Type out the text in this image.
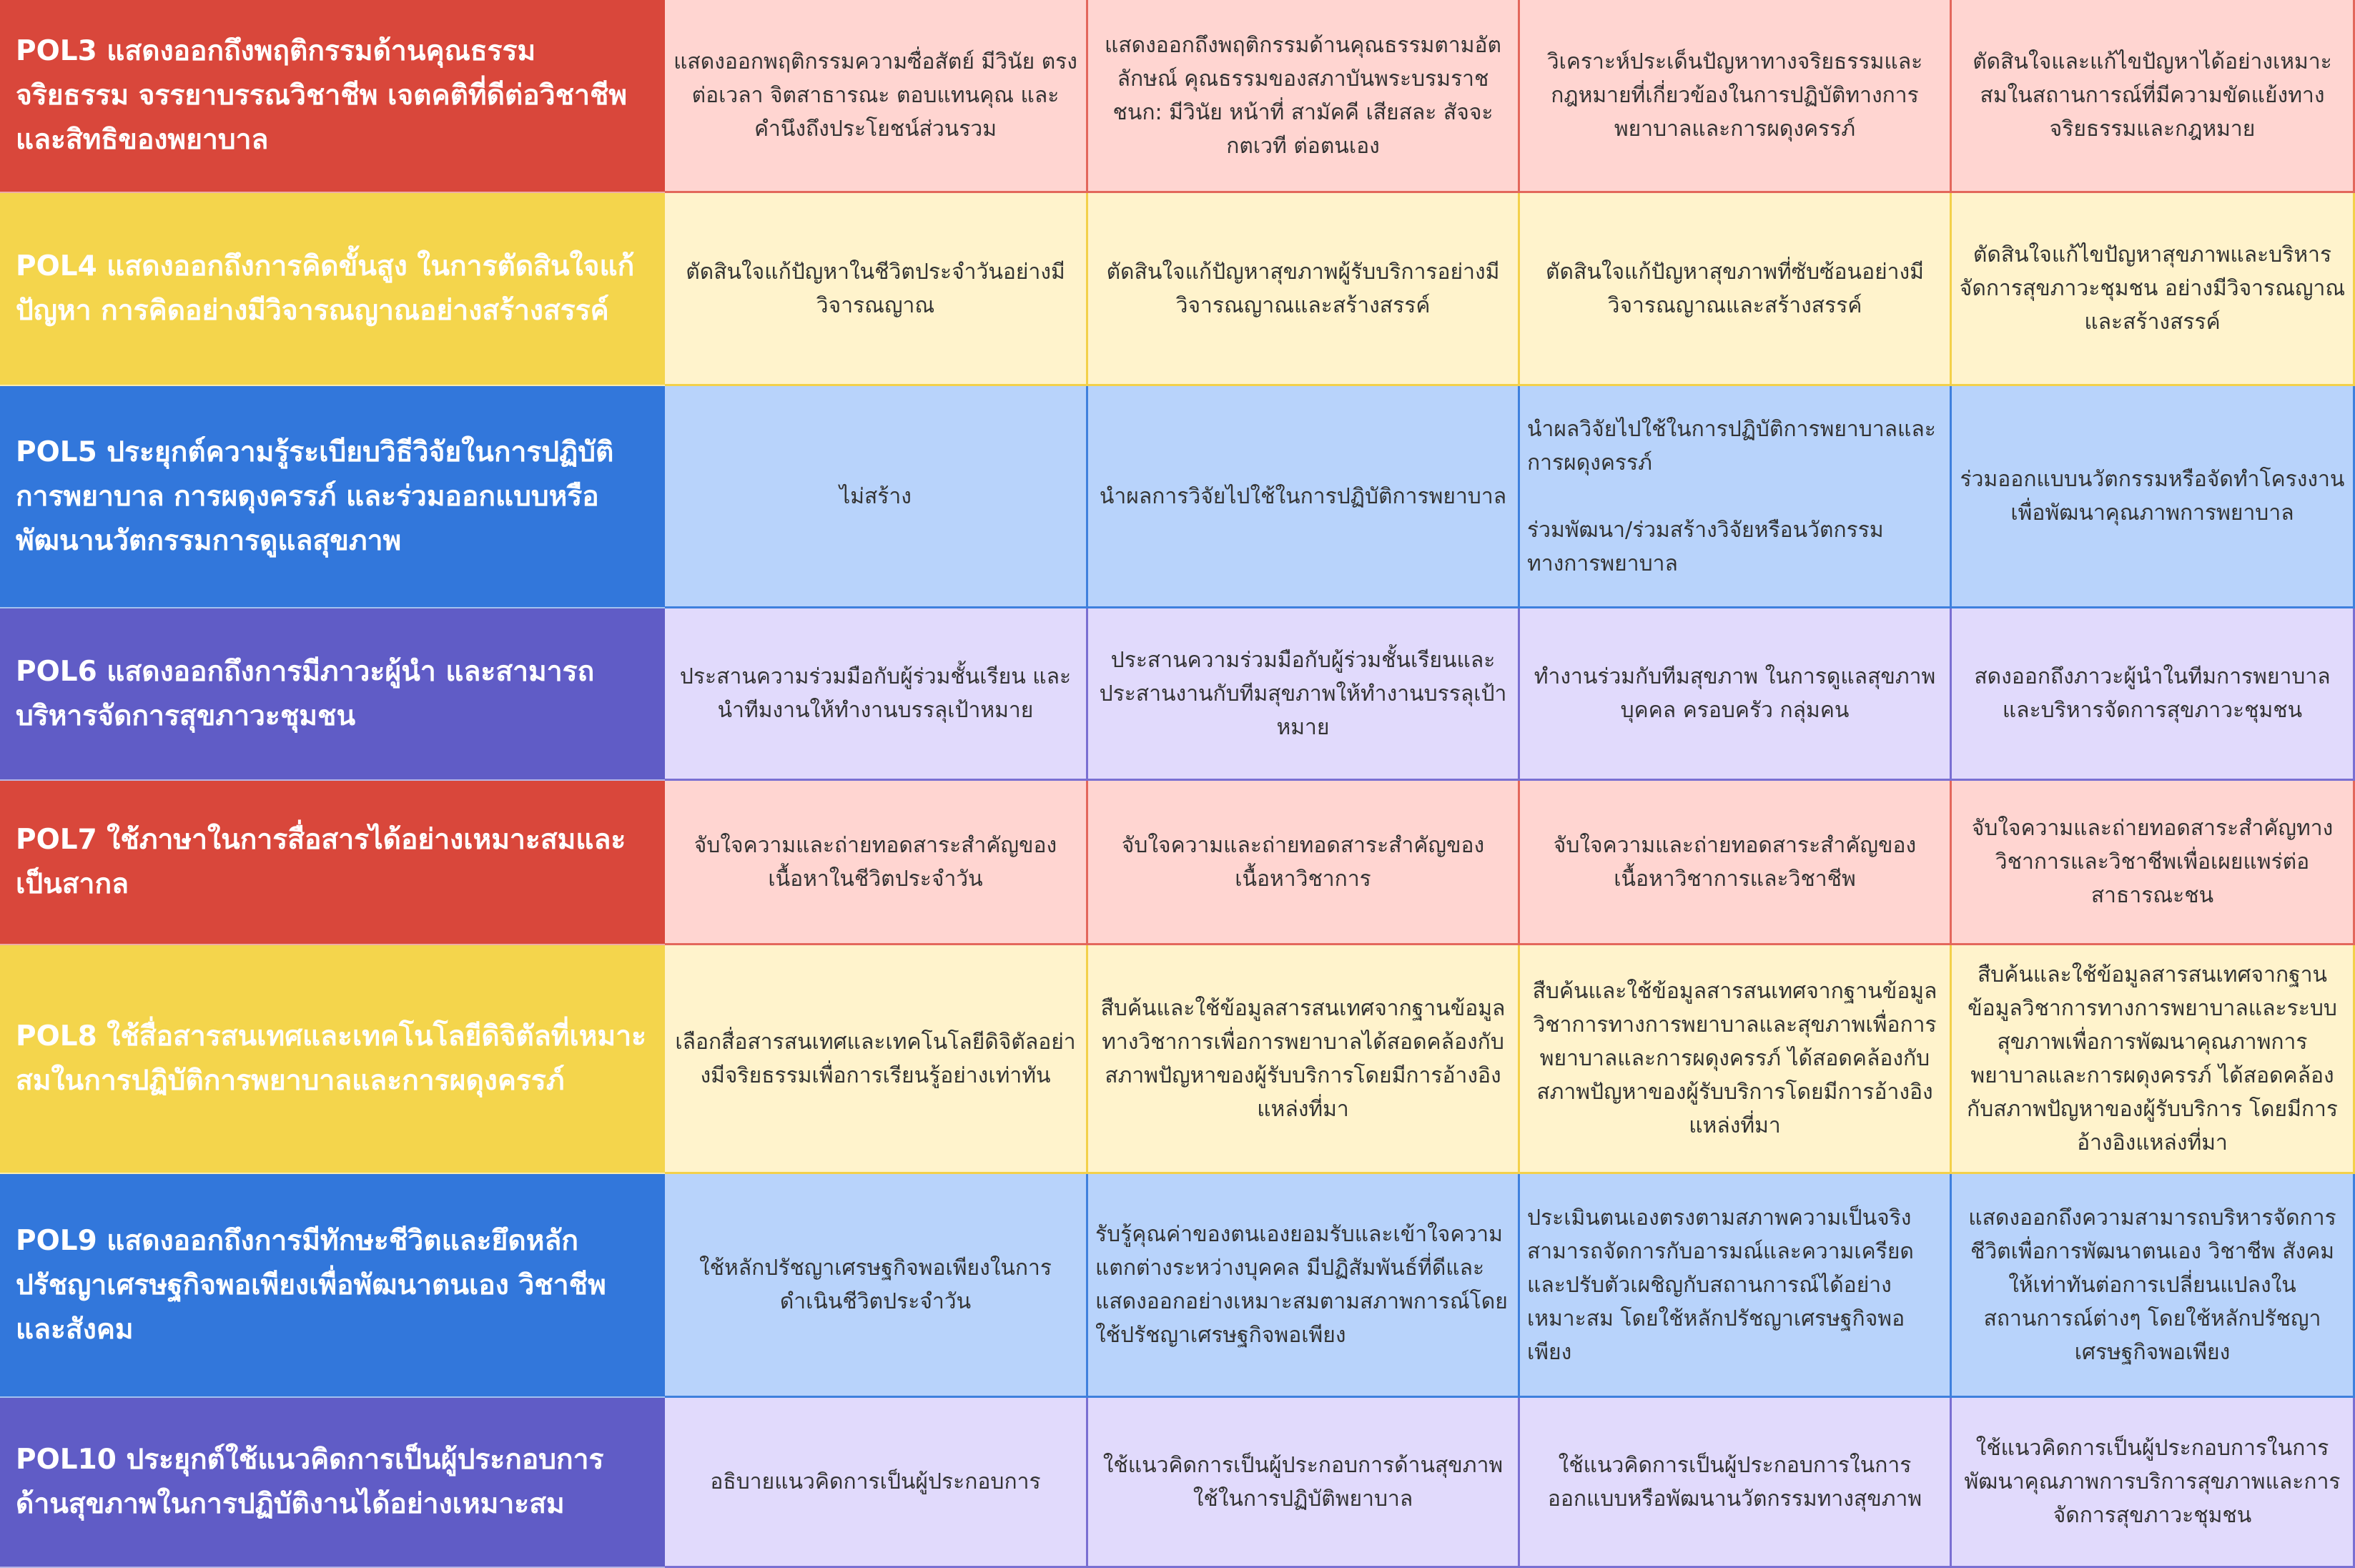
POL3 แสดงออกถึงพฤติกรรมด้านคุณธรรม จริยธรรม จรรยาบรรณวิชาชีพ เจตคติที่ดีต่อวิชาชีพ และสิทธิของพยาบาล
แสดงออกพฤติกรรมความซื่อสัตย์ มีวินัย ตรงต่อเวลา จิตสาธารณะ ตอบแทนคุณ และคำนึงถึงประโยชน์ส่วนรวม
แสดงออกถึงพฤติกรรมด้านคุณธรรมตามอัตลักษณ์ คุณธรรมของสภาบันพระบรมราชชนก: มีวินัย หน้าที่ สามัคคี เสียสละ สัจจะ กตเวที ต่อตนเอง
วิเคราะห์ประเด็นปัญหาทางจริยธรรมและกฎหมายที่เกี่ยวข้องในการปฏิบัติทางการพยาบาลและการผดุงครรภ์
ตัดสินใจและแก้ไขปัญหาได้อย่างเหมาะสมในสถานการณ์ที่มีความขัดแย้งทางจริยธรรมและกฎหมาย
POL4 แสดงออกถึงการคิดขั้นสูง ในการตัดสินใจแก้ปัญหา การคิดอย่างมีวิจารณญาณอย่างสร้างสรรค์
ตัดสินใจแก้ปัญหาในชีวิตประจำวันอย่างมีวิจารณญาณ
ตัดสินใจแก้ปัญหาสุขภาพผู้รับบริการอย่างมีวิจารณญาณและสร้างสรรค์
ตัดสินใจแก้ปัญหาสุขภาพที่ซับซ้อนอย่างมีวิจารณญาณและสร้างสรรค์
ตัดสินใจแก้ไขปัญหาสุขภาพและบริหารจัดการสุขภาวะชุมชน อย่างมีวิจารณญาณและสร้างสรรค์
POL5 ประยุกต์ความรู้ระเบียบวิธีวิจัยในการปฏิบัติการพยาบาล การผดุงครรภ์ และร่วมออกแบบหรือพัฒนานวัตกรรมการดูแลสุขภาพ
ไม่สร้าง	นำผลการวิจัยไปใช้ในการปฏิบัติการพยาบาล
นำผลวิจัยไปใช้ในการปฏิบัติการพยาบาลและการผดุงครรภ์

ร่วมพัฒนา/ร่วมสร้างวิจัยหรือนวัตกรรมทางการพยาบาล
ร่วมออกแบบนวัตกรรมหรือจัดทำโครงงานเพื่อพัฒนาคุณภาพการพยาบาล
POL6 แสดงออกถึงการมีภาวะผู้นำ และสามารถบริหารจัดการสุขภาวะชุมชน
ประสานความร่วมมือกับผู้ร่วมชั้นเรียน และนำทีมงานให้ทำงานบรรลุเป้าหมาย
ประสานความร่วมมือกับผู้ร่วมชั้นเรียนและประสานงานกับทีมสุขภาพให้ทำงานบรรลุเป้าหมาย
ทำงานร่วมกับทีมสุขภาพ ในการดูแลสุขภาพบุคคล ครอบครัว กลุ่มคน
สดงออกถึงภาวะผู้นำในทีมการพยาบาลและบริหารจัดการสุขภาวะชุมชน
POL7 ใช้ภาษาในการสื่อสารได้อย่างเหมาะสมและเป็นสากล
จับใจความและถ่ายทอดสาระสำคัญของเนื้อหาในชีวิตประจำวัน
จับใจความและถ่ายทอดสาระสำคัญของเนื้อหาวิชาการ
จับใจความและถ่ายทอดสาระสำคัญของเนื้อหาวิชาการและวิชาชีพ
จับใจความและถ่ายทอดสาระสำคัญทางวิชาการและวิชาชีพเพื่อเผยแพร่ต่อสาธารณะชน
POL8 ใช้สื่อสารสนเทศและเทคโนโลยีดิจิตัลที่เหมาะสมในการปฏิบัติการพยาบาลและการผดุงครรภ์
เลือกสื่อสารสนเทศและเทคโนโลยีดิจิตัลอย่างมีจริยธรรมเพื่อการเรียนรู้อย่างเท่าทัน
สืบค้นและใช้ข้อมูลสารสนเทศจากฐานข้อมูลทางวิชาการเพื่อการพยาบาลได้สอดคล้องกับสภาพปัญหาของผู้รับบริการโดยมีการอ้างอิงแหล่งที่มา
สืบค้นและใช้ข้อมูลสารสนเทศจากฐานข้อมูลวิชาการทางการพยาบาลและสุขภาพเพื่อการพยาบาลและการผดุงครรภ์ ได้สอดคล้องกับสภาพปัญหาของผู้รับบริการโดยมีการอ้างอิงแหล่งที่มา
สืบค้นและใช้ข้อมูลสารสนเทศจากฐานข้อมูลวิชาการทางการพยาบาลและระบบสุขภาพเพื่อการพัฒนาคุณภาพการพยาบาลและการผดุงครรภ์ ได้สอดคล้องกับสภาพปัญหาของผู้รับบริการ โดยมีการอ้างอิงแหล่งที่มา
POL9 แสดงออกถึงการมีทักษะชีวิตและยึดหลักปรัชญาเศรษฐกิจพอเพียงเพื่อพัฒนาตนเอง วิชาชีพ และสังคม
ใช้หลักปรัชญาเศรษฐกิจพอเพียงในการดำเนินชีวิตประจำวัน
รับรู้คุณค่าของตนเองยอมรับและเข้าใจความแตกต่างระหว่างบุคคล มีปฏิสัมพันธ์ที่ดีและแสดงออกอย่างเหมาะสมตามสภาพการณ์โดยใช้ปรัชญาเศรษฐกิจพอเพียง
ประเมินตนเองตรงตามสภาพความเป็นจริง สามารถจัดการกับอารมณ์และความเครียด และปรับตัวเผชิญกับสถานการณ์ได้อย่างเหมาะสม โดยใช้หลักปรัชญาเศรษฐกิจพอเพียง
แสดงออกถึงความสามารถบริหารจัดการชีวิตเพื่อการพัฒนาตนเอง วิชาชีพ สังคม ให้เท่าทันต่อการเปลี่ยนแปลงในสถานการณ์ต่างๆ โดยใช้หลักปรัชญาเศรษฐกิจพอเพียง
POL10 ประยุกต์ใช้แนวคิดการเป็นผู้ประกอบการด้านสุขภาพในการปฏิบัติงานได้อย่างเหมาะสม
อธิบายแนวคิดการเป็นผู้ประกอบการ
ใช้แนวคิดการเป็นผู้ประกอบการด้านสุขภาพใช้ในการปฏิบัติพยาบาล
ใช้แนวคิดการเป็นผู้ประกอบการในการออกแบบหรือพัฒนานวัตกรรมทางสุขภาพ
ใช้แนวคิดการเป็นผู้ประกอบการในการพัฒนาคุณภาพการบริการสุขภาพและการจัดการสุขภาวะชุมชน
